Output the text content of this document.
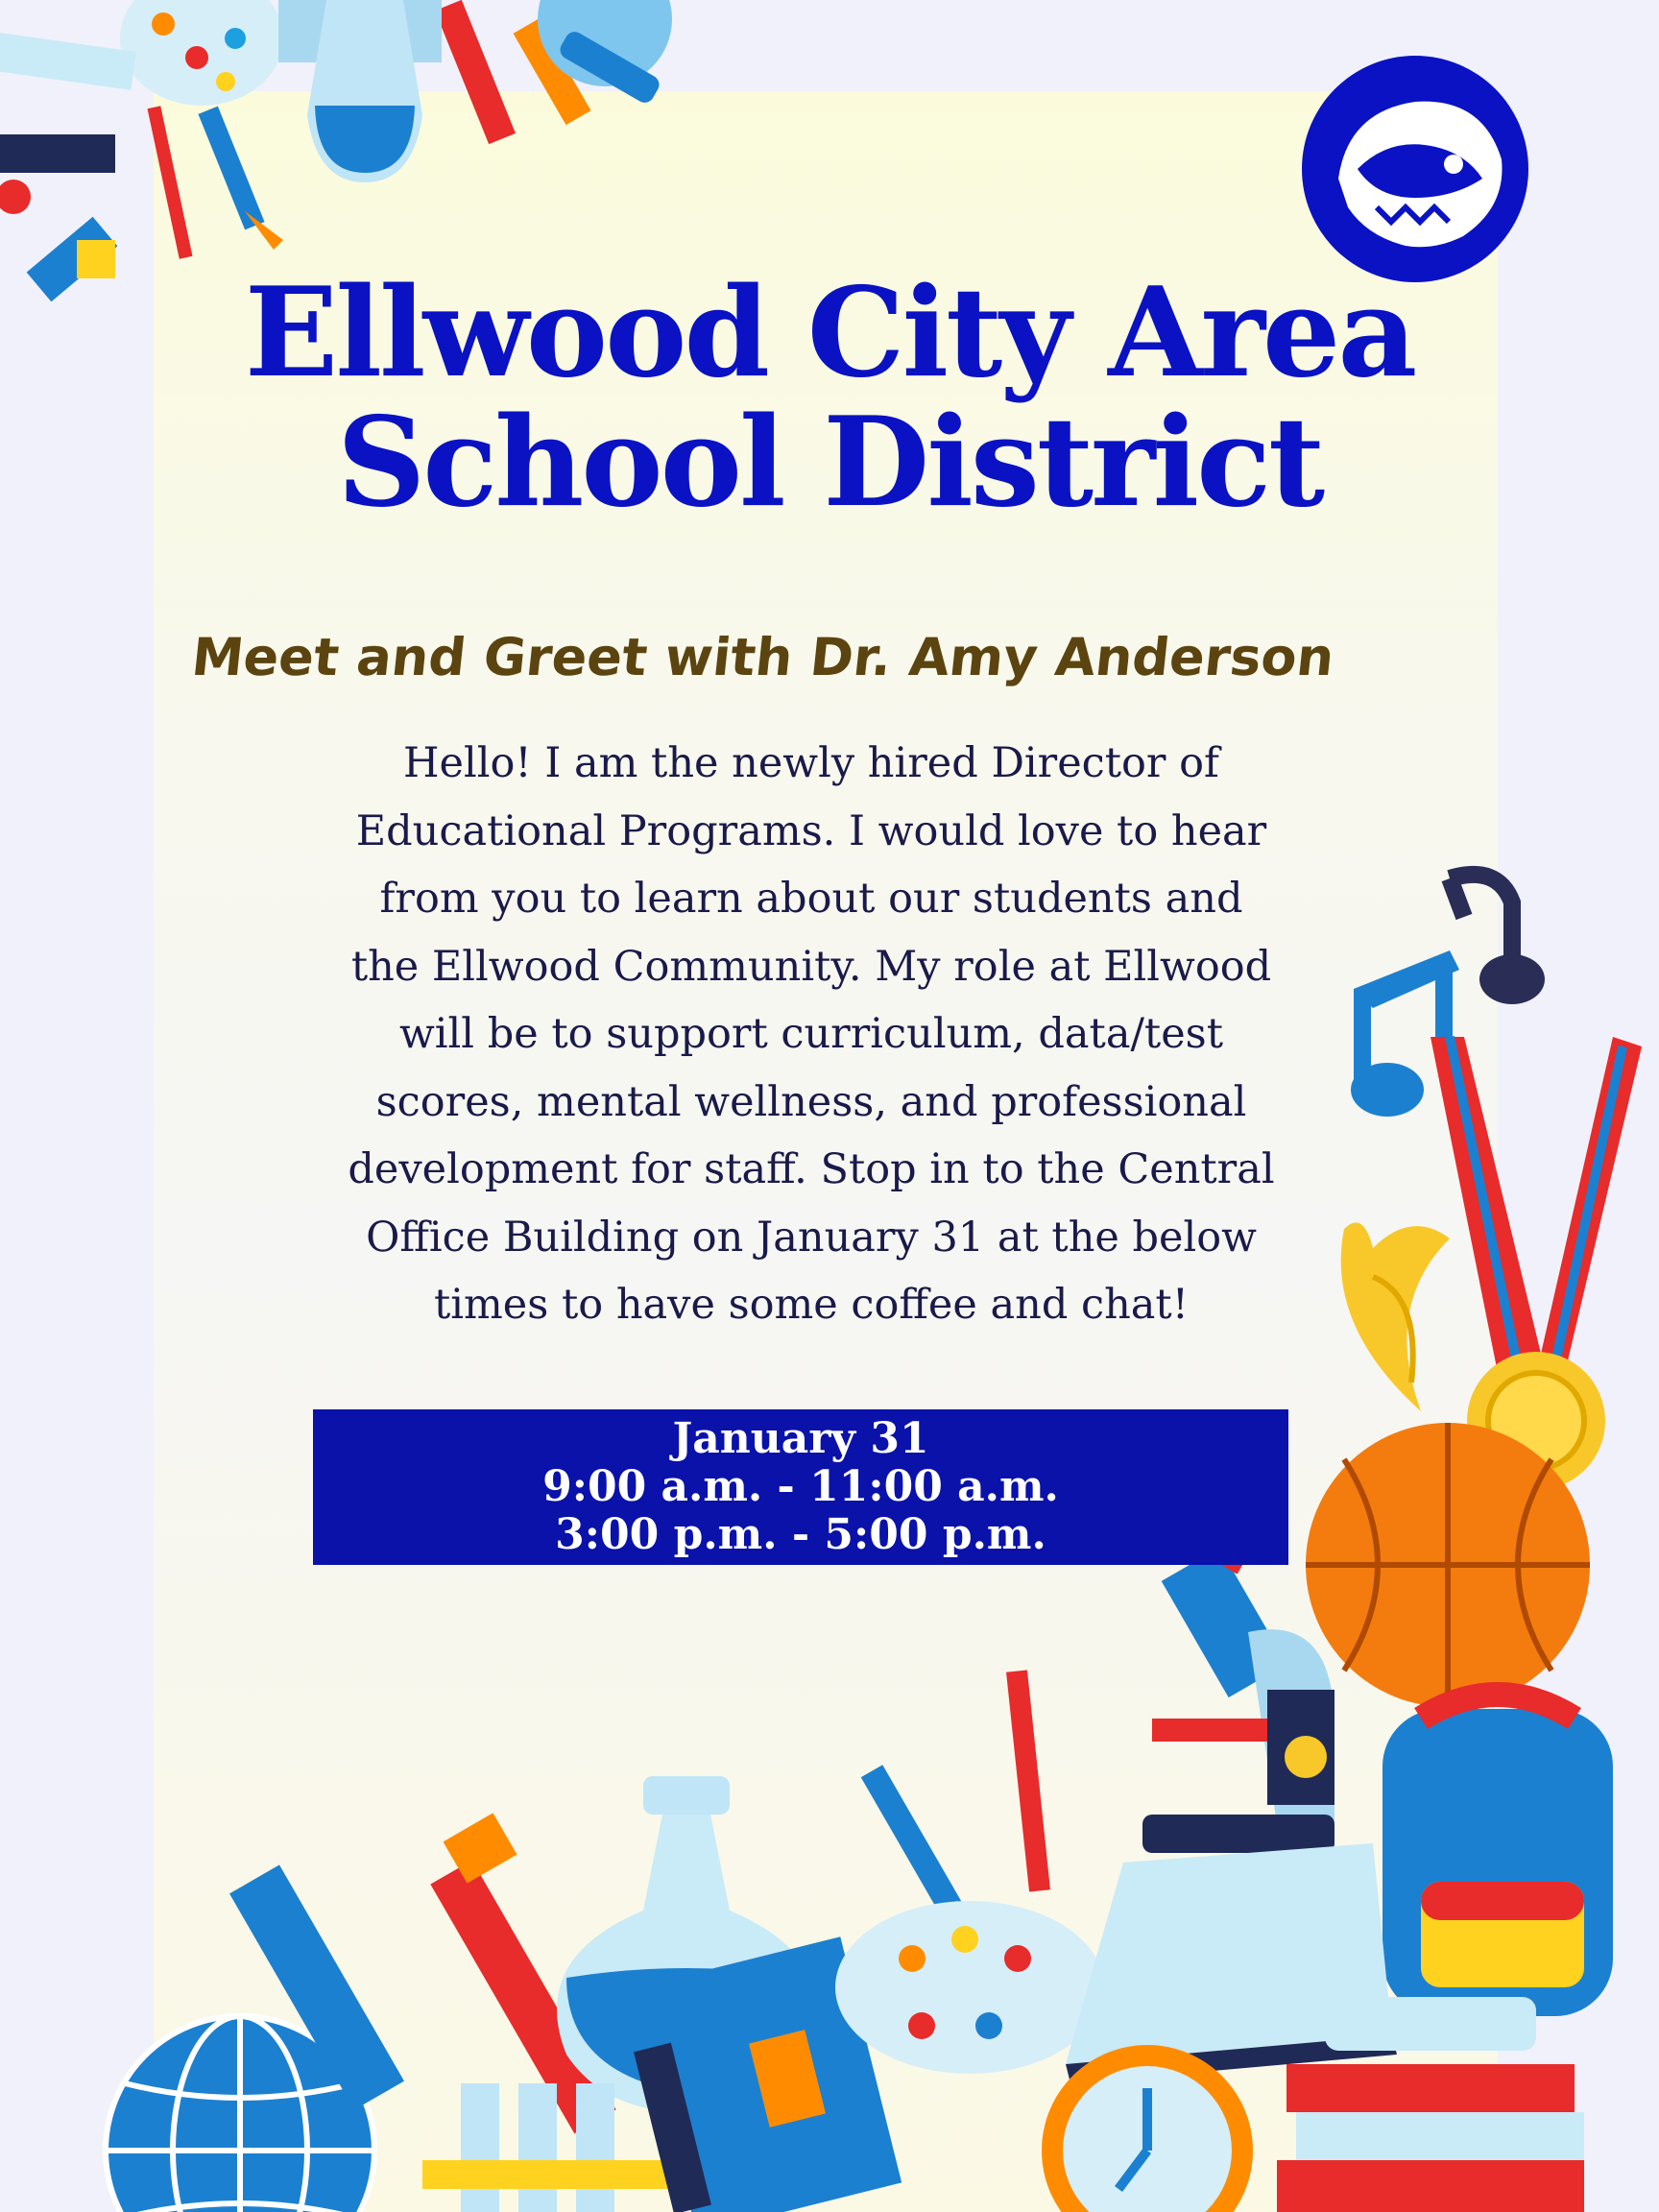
Ellwood City Area
School District
Meet and Greet with Dr. Amy Anderson
Hello! I am the newly hired Director of
Educational Programs. I would love to hear
from you to learn about our students and
the Ellwood Community. My role at Ellwood
will be to support curriculum, data/test
scores, mental wellness, and professional
development for staff. Stop in to the Central
Office Building on January 31 at the below
times to have some coffee and chat!
January 31
9:00 a.m. - 11:00 a.m.
3:00 p.m. - 5:00 p.m.
